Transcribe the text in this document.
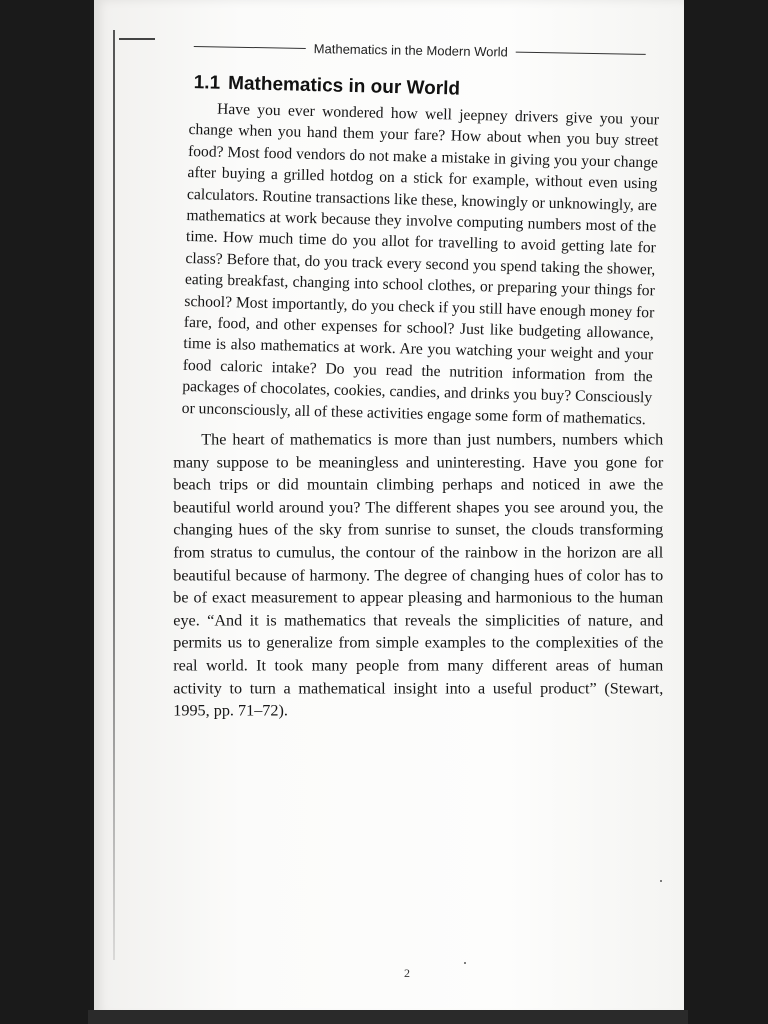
Mathematics in the Modern World
1.1 Mathematics in our World

Have you ever wondered how well jeepney drivers give you your change when you hand them your fare? How about when you buy street food? Most food vendors do not make a mistake in giving you your change after buying a grilled hotdog on a stick for example, without even using calculators. Routine transactions like these, knowingly or unknowingly, are mathematics at work because they involve computing numbers most of the time. How much time do you allot for travelling to avoid getting late for class? Before that, do you track every second you spend taking the shower, eating breakfast, changing into school clothes, or preparing your things for school? Most importantly, do you check if you still have enough money for fare, food, and other expenses for school? Just like budgeting allowance, time is also mathematics at work. Are you watching your weight and your food caloric intake? Do you read the nutrition information from the packages of chocolates, cookies, candies, and drinks you buy? Consciously or unconsciously, all of these activities engage some form of mathematics.

The heart of mathematics is more than just numbers, numbers which many suppose to be meaningless and uninteresting. Have you gone for beach trips or did mountain climbing perhaps and noticed in awe the beautiful world around you? The different shapes you see around you, the changing hues of the sky from sunrise to sunset, the clouds transforming from stratus to cumulus, the contour of the rainbow in the horizon are all beautiful because of harmony. The degree of changing hues of color has to be of exact measurement to appear pleasing and harmonious to the human eye. “And it is mathematics that reveals the simplicities of nature, and permits us to generalize from simple examples to the complexities of the real world. It took many people from many different areas of human activity to turn a mathematical insight into a useful product” (Stewart, 1995, pp. 71–72).

2
